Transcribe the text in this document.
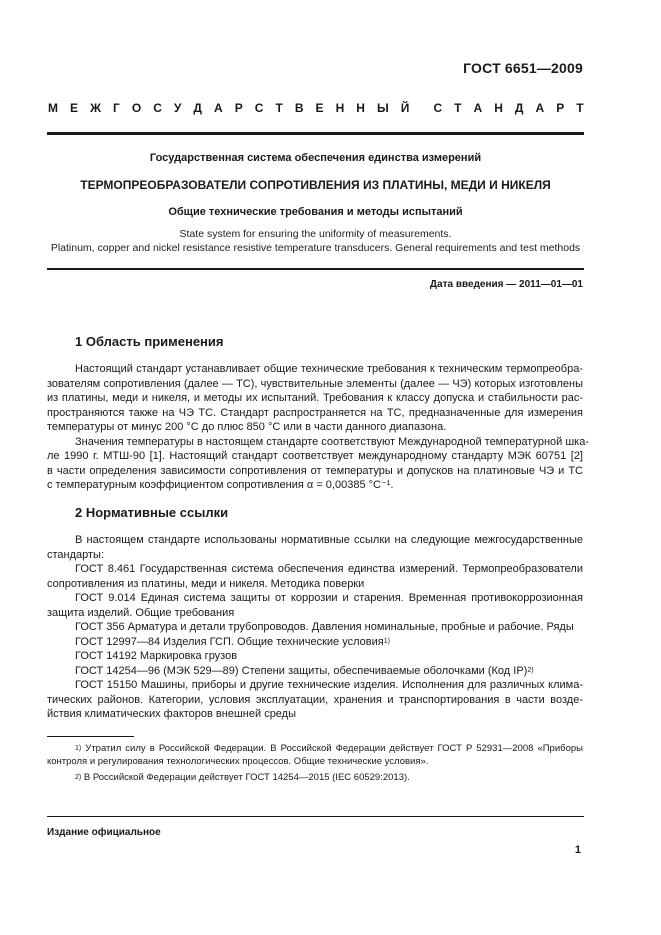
ГОСТ 6651—2009
М Е Ж Г О С У Д А Р С Т В Е Н Н Ы Й С Т А Н Д А Р Т
Государственная система обеспечения единства измерений
ТЕРМОПРЕОБРАЗОВАТЕЛИ СОПРОТИВЛЕНИЯ ИЗ ПЛАТИНЫ, МЕДИ И НИКЕЛЯ
Общие технические требования и методы испытаний
State system for ensuring the uniformity of measurements.
Platinum, copper and nickel resistance resistive temperature transducers. General requirements and test methods
Дата введения — 2011—01—01
1 Область применения
Настоящий стандарт устанавливает общие технические требования к техническим термопреобра-
зователям сопротивления (далее — ТС), чувствительные элементы (далее — ЧЭ) которых изготовлены
из платины, меди и никеля, и методы их испытаний. Требования к классу допуска и стабильности рас-
пространяются также на ЧЭ ТС. Стандарт распространяется на ТС, предназначенные для измерения
температуры от минус 200 °С до плюс 850 °С или в части данного диапазона.
Значения температуры в настоящем стандарте соответствуют Международной температурной шка-
ле 1990 г. МТШ-90 [1]. Настоящий стандарт соответствует международному стандарту МЭК 60751 [2]
в части определения зависимости сопротивления от температуры и допусков на платиновые ЧЭ и ТС
с температурным коэффициентом сопротивления α = 0,00385 °С⁻¹.
2 Нормативные ссылки
В настоящем стандарте использованы нормативные ссылки на следующие межгосударственные
стандарты:
ГОСТ 8.461 Государственная система обеспечения единства измерений. Термопреобразователи
сопротивления из платины, меди и никеля. Методика поверки
ГОСТ 9.014 Единая система защиты от коррозии и старения. Временная противокоррозионная
защита изделий. Общие требования
ГОСТ 356 Арматура и детали трубопроводов. Давления номинальные, пробные и рабочие. Ряды
ГОСТ 12997—84 Изделия ГСП. Общие технические условия$^{1)}$
ГОСТ 14192 Маркировка грузов
ГОСТ 14254—96 (МЭК 529—89) Степени защиты, обеспечиваемые оболочками (Код IP)$^{2)}$
ГОСТ 15150 Машины, приборы и другие технические изделия. Исполнения для различных клима-
тических районов. Категории, условия эксплуатации, хранения и транспортирования в части возде-
йствия климатических факторов внешней среды
$^{1)}$ Утратил силу в Российской Федерации. В Российской Федерации действует ГОСТ Р 52931—2008 «Приборы
контроля и регулирования технологических процессов. Общие технические условия».
$^{2)}$ В Российской Федерации действует ГОСТ 14254—2015 (IEC 60529:2013).
Издание официальное
1
